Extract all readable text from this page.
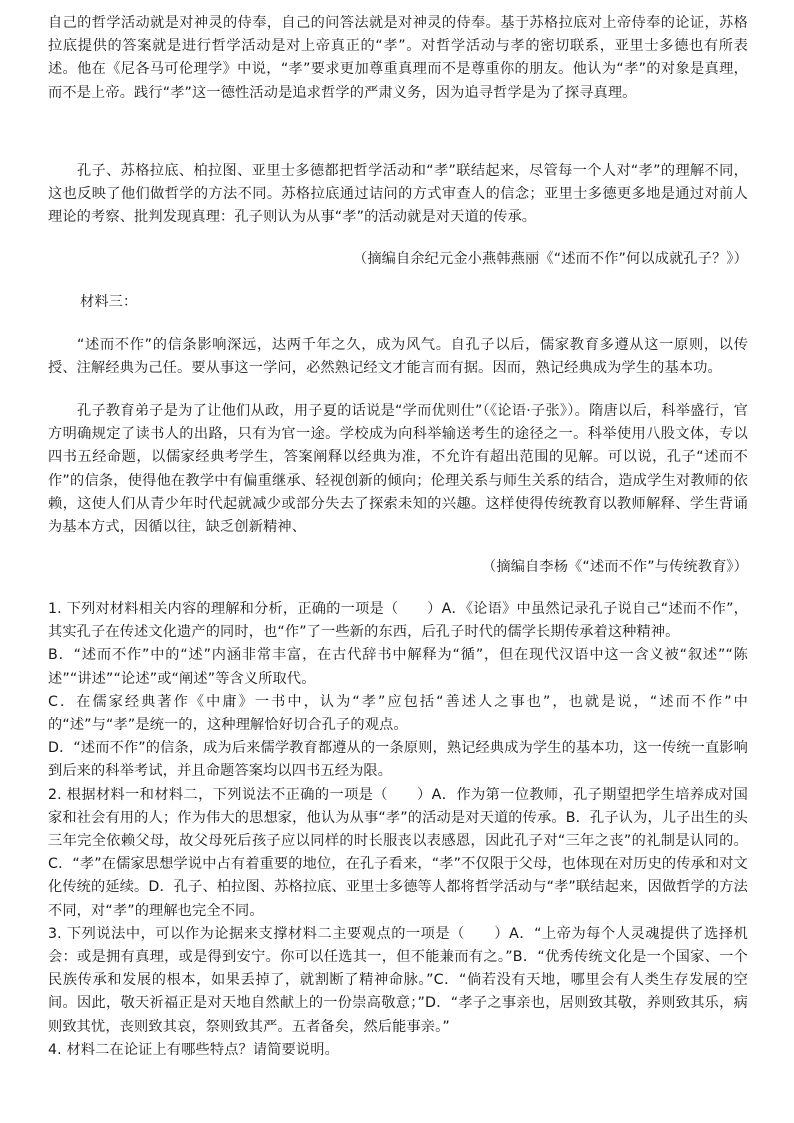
自己的哲学活动就是对神灵的侍奉，自己的问答法就是对神灵的侍奉。基于苏格拉底对上帝侍奉的论证，苏格拉底提供的答案就是进行哲学活动是对上帝真正的“孝”。对哲学活动与孝的密切联系，亚里士多德也有所表述。他在《尼各马可伦理学》中说，“孝”要求更加尊重真理而不是尊重你的朋友。他认为“孝”的对象是真理，而不是上帝。践行“孝”这一德性活动是追求哲学的严肃义务，因为追寻哲学是为了探寻真理。

孔子、苏格拉底、柏拉图、亚里士多德都把哲学活动和“孝”联结起来，尽管每一个人对“孝”的理解不同，这也反映了他们做哲学的方法不同。苏格拉底通过诘问的方式审查人的信念；亚里士多德更多地是通过对前人理论的考察、批判发现真理：孔子则认为从事“孝”的活动就是对天道的传承。

（摘编自余纪元金小燕韩燕丽《“述而不作”何以成就孔子？》）

材料三：

“述而不作”的信条影响深远，达两千年之久，成为风气。自孔子以后，儒家教育多遵从这一原则，以传授、注解经典为己任。要从事这一学问，必然熟记经文才能言而有据。因而，熟记经典成为学生的基本功。

孔子教育弟子是为了让他们从政，用子夏的话说是“学而优则仕”（《论语·子张》）。隋唐以后，科举盛行，官方明确规定了读书人的出路，只有为官一途。学校成为向科举输送考生的途径之一。科举使用八股文体，专以四书五经命题，以儒家经典考学生，答案阐释以经典为准，不允许有超出范围的见解。可以说，孔子“述而不作”的信条，使得他在教学中有偏重继承、轻视创新的倾向；伦理关系与师生关系的结合，造成学生对教师的依赖，这使人们从青少年时代起就减少或部分失去了探索未知的兴趣。这样使得传统教育以教师解释、学生背诵为基本方式，因循以往，缺乏创新精神、

（摘编自李杨《“述而不作”与传统教育》）

1. 下列对材料相关内容的理解和分析，正确的一项是（　　）A．《论语》中虽然记录孔子说自己“述而不作”，其实孔子在传述文化遗产的同时，也“作”了一些新的东西，后孔子时代的儒学长期传承着这种精神。

B．“述而不作”中的“述”内涵非常丰富，在古代辞书中解释为“循”，但在现代汉语中这一含义被“叙述”“陈述”“讲述”“论述”或“阐述”等含义所取代。

C．在儒家经典著作《中庸》一书中，认为“孝”应包括“善述人之事也”，也就是说，“述而不作”中的“述”与“孝”是统一的，这种理解恰好切合孔子的观点。

D．“述而不作”的信条，成为后来儒学教育都遵从的一条原则，熟记经典成为学生的基本功，这一传统一直影响到后来的科举考试，并且命题答案均以四书五经为限。

2. 根据材料一和材料二，下列说法不正确的一项是（　　）A．作为第一位教师，孔子期望把学生培养成对国家和社会有用的人；作为伟大的思想家，他认为从事“孝”的活动是对天道的传承。B．孔子认为，儿子出生的头三年完全依赖父母，故父母死后孩子应以同样的时长服丧以表感恩，因此孔子对“三年之丧”的礼制是认同的。C．“孝”在儒家思想学说中占有着重要的地位，在孔子看来，“孝”不仅限于父母，也体现在对历史的传承和对文化传统的延续。D．孔子、柏拉图、苏格拉底、亚里士多德等人都将哲学活动与“孝”联结起来，因做哲学的方法不同，对“孝”的理解也完全不同。

3. 下列说法中，可以作为论据来支撑材料二主要观点的一项是（　　）A．“上帝为每个人灵魂提供了选择机会：或是拥有真理，或是得到安宁。你可以任选其一，但不能兼而有之。”B．“优秀传统文化是一个国家、一个民族传承和发展的根本，如果丢掉了，就割断了精神命脉。”C．“倘若没有天地，哪里会有人类生存发展的空间。因此，敬天祈福正是对天地自然献上的一份崇高敬意；”D．“孝子之事亲也，居则致其敬，养则致其乐，病则致其忧，丧则致其哀，祭则致其严。五者备矣，然后能事亲。”

4. 材料二在论证上有哪些特点？请简要说明。
